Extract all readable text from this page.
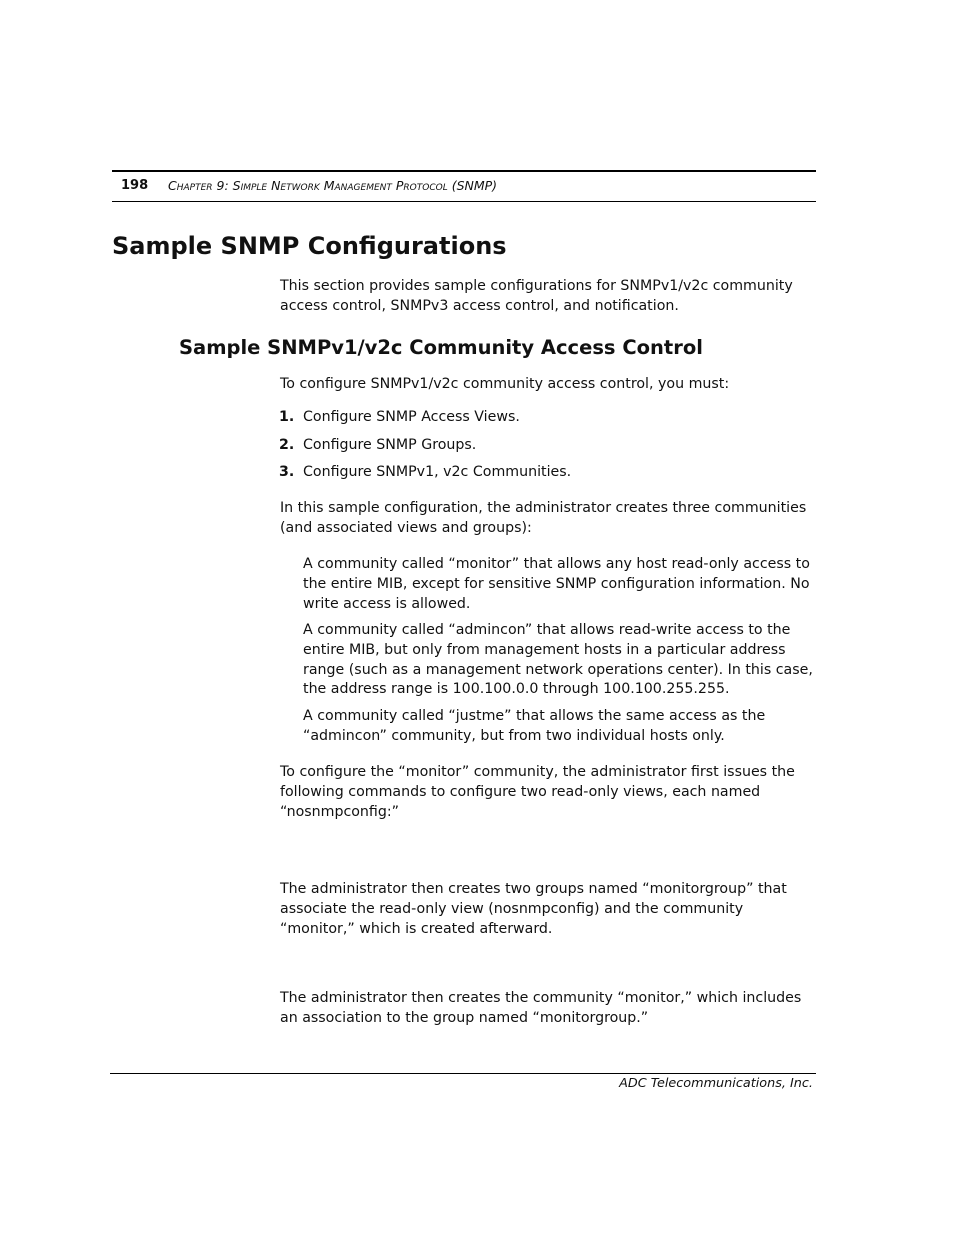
198 Chapter 9: Simple Network Management Protocol (SNMP)
Sample SNMP Configurations

This section provides sample configurations for SNMPv1/v2c community access control, SNMPv3 access control, and notification.

Sample SNMPv1/v2c Community Access Control

To configure SNMPv1/v2c community access control, you must:

1. Configure SNMP Access Views.
2. Configure SNMP Groups.
3. Configure SNMPv1, v2c Communities.

In this sample configuration, the administrator creates three communities (and associated views and groups):

A community called “monitor” that allows any host read-only access to the entire MIB, except for sensitive SNMP configuration information. No write access is allowed.

A community called “admincon” that allows read-write access to the entire MIB, but only from management hosts in a particular address range (such as a management network operations center). In this case, the address range is 100.100.0.0 through 100.100.255.255.

A community called “justme” that allows the same access as the “admincon” community, but from two individual hosts only.

To configure the “monitor” community, the administrator first issues the following commands to configure two read-only views, each named “nosnmpconfig:”

The administrator then creates two groups named “monitorgroup” that associate the read-only view (nosnmpconfig) and the community “monitor,” which is created afterward.

The administrator then creates the community “monitor,” which includes an association to the group named “monitorgroup.”

ADC Telecommunications, Inc.
